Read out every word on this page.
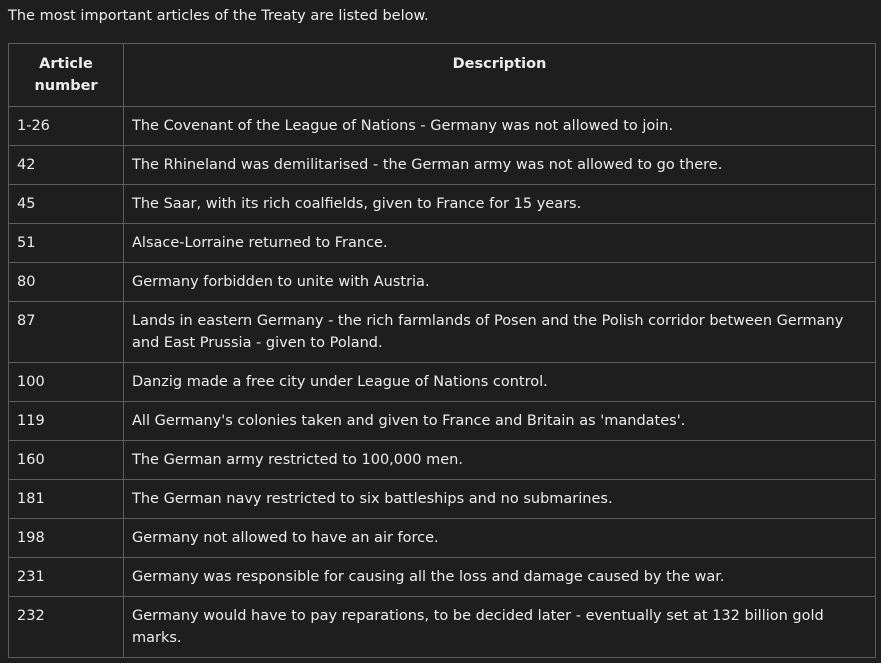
The most important articles of the Treaty are listed below.

Article number	Description
1-26	The Covenant of the League of Nations - Germany was not allowed to join.
42	The Rhineland was demilitarised - the German army was not allowed to go there.
45	The Saar, with its rich coalfields, given to France for 15 years.
51	Alsace-Lorraine returned to France.
80	Germany forbidden to unite with Austria.
87	Lands in eastern Germany - the rich farmlands of Posen and the Polish corridor between Germany and East Prussia - given to Poland.
100	Danzig made a free city under League of Nations control.
119	All Germany's colonies taken and given to France and Britain as 'mandates'.
160	The German army restricted to 100,000 men.
181	The German navy restricted to six battleships and no submarines.
198	Germany not allowed to have an air force.
231	Germany was responsible for causing all the loss and damage caused by the war.
232	Germany would have to pay reparations, to be decided later - eventually set at 132 billion gold marks.
